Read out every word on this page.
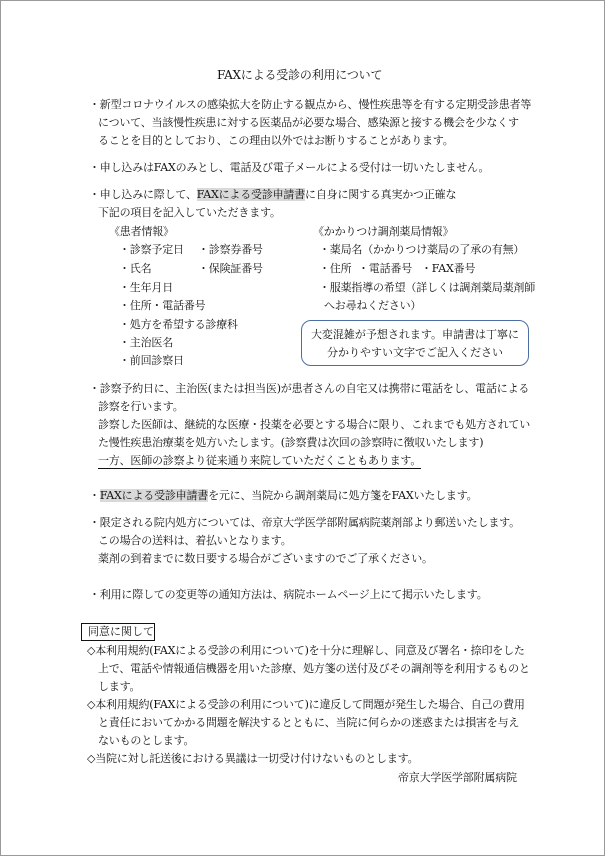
FAXによる受診の利用について
・新型コロナウイルスの感染拡大を防止する観点から、慢性疾患等を有する定期受診患者等
について、当該慢性疾患に対する医薬品が必要な場合、感染源と接する機会を少なくす
ることを目的としており、この理由以外ではお断りすることがあります。
・申し込みはFAXのみとし、電話及び電子メールによる受付は一切いたしません。
・申し込みに際して、FAXによる受診申請書に自身に関する真実かつ正確な
下記の項目を記入していただきます。
《患者情報》
・診察予定日 ・診察券番号
・氏名	・保険証番号
・生年月日
・住所・電話番号
・処方を希望する診療科
・主治医名
・前回診察日
《かかりつけ調剤薬局情報》
・薬局名（かかりつけ薬局の了承の有無）
・住所 ・電話番号 ・FAX番号
・服薬指導の希望（詳しくは調剤薬局薬剤師
へお尋ねください）
大変混雑が予想されます。申請書は丁寧に
分かりやすい文字でご記入ください
・診察予約日に、主治医(または担当医)が患者さんの自宅又は携帯に電話をし、電話による
診察を行います。
診察した医師は、継続的な医療・投薬を必要とする場合に限り、これまでも処方されてい
た慢性疾患治療薬を処方いたします。(診察費は次回の診察時に徴収いたします)
一方、医師の診察より従来通り来院していただくこともあります。
・FAXによる受診申請書を元に、当院から調剤薬局に処方箋をFAXいたします。
・限定される院内処方については、帝京大学医学部附属病院薬剤部より郵送いたします。
この場合の送料は、着払いとなります。
薬剤の到着までに数日要する場合がございますのでご了承ください。
・利用に際しての変更等の通知方法は、病院ホームページ上にて掲示いたします。
同意に関して
◇本利用規約(FAXによる受診の利用について)を十分に理解し、同意及び署名・捺印をした
上で、電話や情報通信機器を用いた診療、処方箋の送付及びその調剤等を利用するものと
します。
◇本利用規約(FAXによる受診の利用について)に違反して問題が発生した場合、自己の費用
と責任においてかかる問題を解決するとともに、当院に何らかの迷惑または損害を与え
ないものとします。
◇当院に対し託送後における異議は一切受け付けないものとします。
帝京大学医学部附属病院
